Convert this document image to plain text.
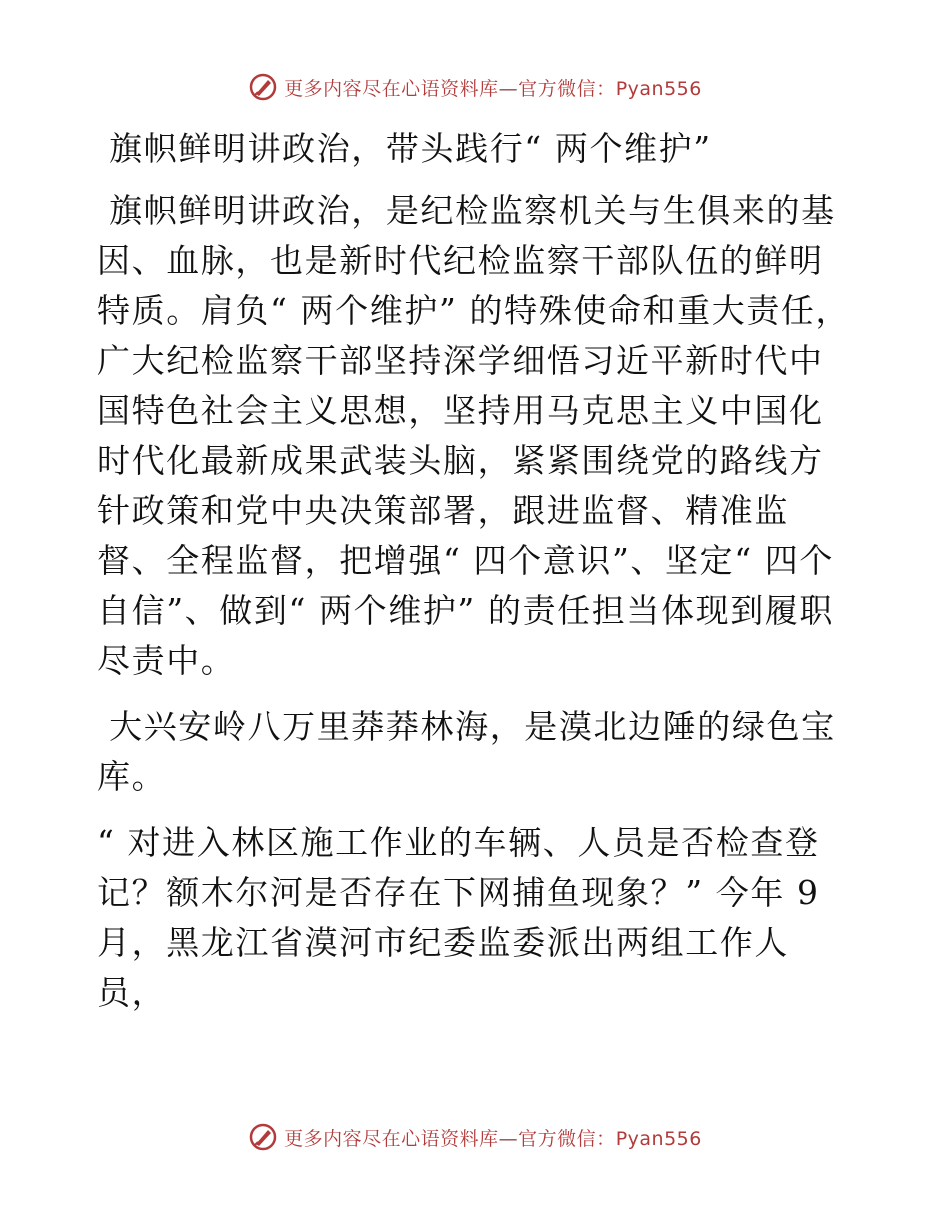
更多内容尽在心语资料库—官方微信：Pyan556

旗帜鲜明讲政治，带头践行“ 两个维护”

旗帜鲜明讲政治，是纪检监察机关与生俱来的基因、血脉，也是新时代纪检监察干部队伍的鲜明特质。肩负“ 两个维护” 的特殊使命和重大责任，广大纪检监察干部坚持深学细悟习近平新时代中国特色社会主义思想，坚持用马克思主义中国化时代化最新成果武装头脑，紧紧围绕党的路线方针政策和党中央决策部署，跟进监督、精准监督、全程监督，把增强“ 四个意识”、坚定“ 四个自信”、做到“ 两个维护” 的责任担当体现到履职尽责中。

大兴安岭八万里莽莽林海，是漠北边陲的绿色宝库。

“ 对进入林区施工作业的车辆、人员是否检查登记？额木尔河是否存在下网捕鱼现象？” 今年 9月，黑龙江省漠河市纪委监委派出两组工作人员，

更多内容尽在心语资料库—官方微信：Pyan556
